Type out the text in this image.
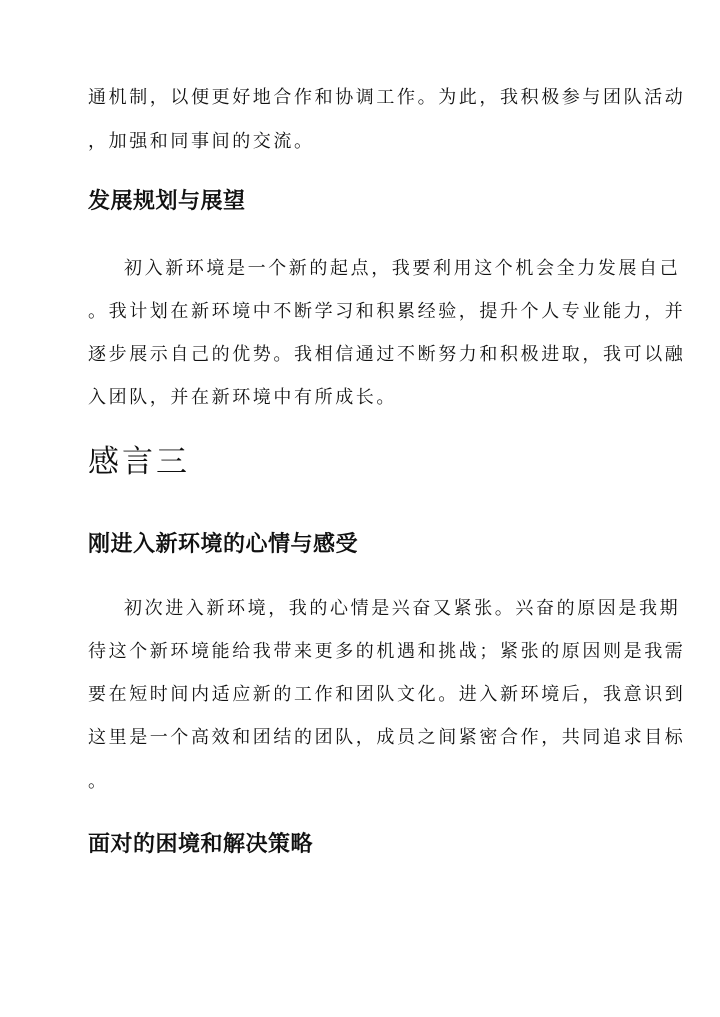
通机制，以便更好地合作和协调工作。为此，我积极参与团队活动
，加强和同事间的交流。
发展规划与展望
初入新环境是一个新的起点，我要利用这个机会全力发展自己
。我计划在新环境中不断学习和积累经验，提升个人专业能力，并
逐步展示自己的优势。我相信通过不断努力和积极进取，我可以融
入团队，并在新环境中有所成长。
感言三
刚进入新环境的心情与感受
初次进入新环境，我的心情是兴奋又紧张。兴奋的原因是我期
待这个新环境能给我带来更多的机遇和挑战；紧张的原因则是我需
要在短时间内适应新的工作和团队文化。进入新环境后，我意识到
这里是一个高效和团结的团队，成员之间紧密合作，共同追求目标
。
面对的困境和解决策略
